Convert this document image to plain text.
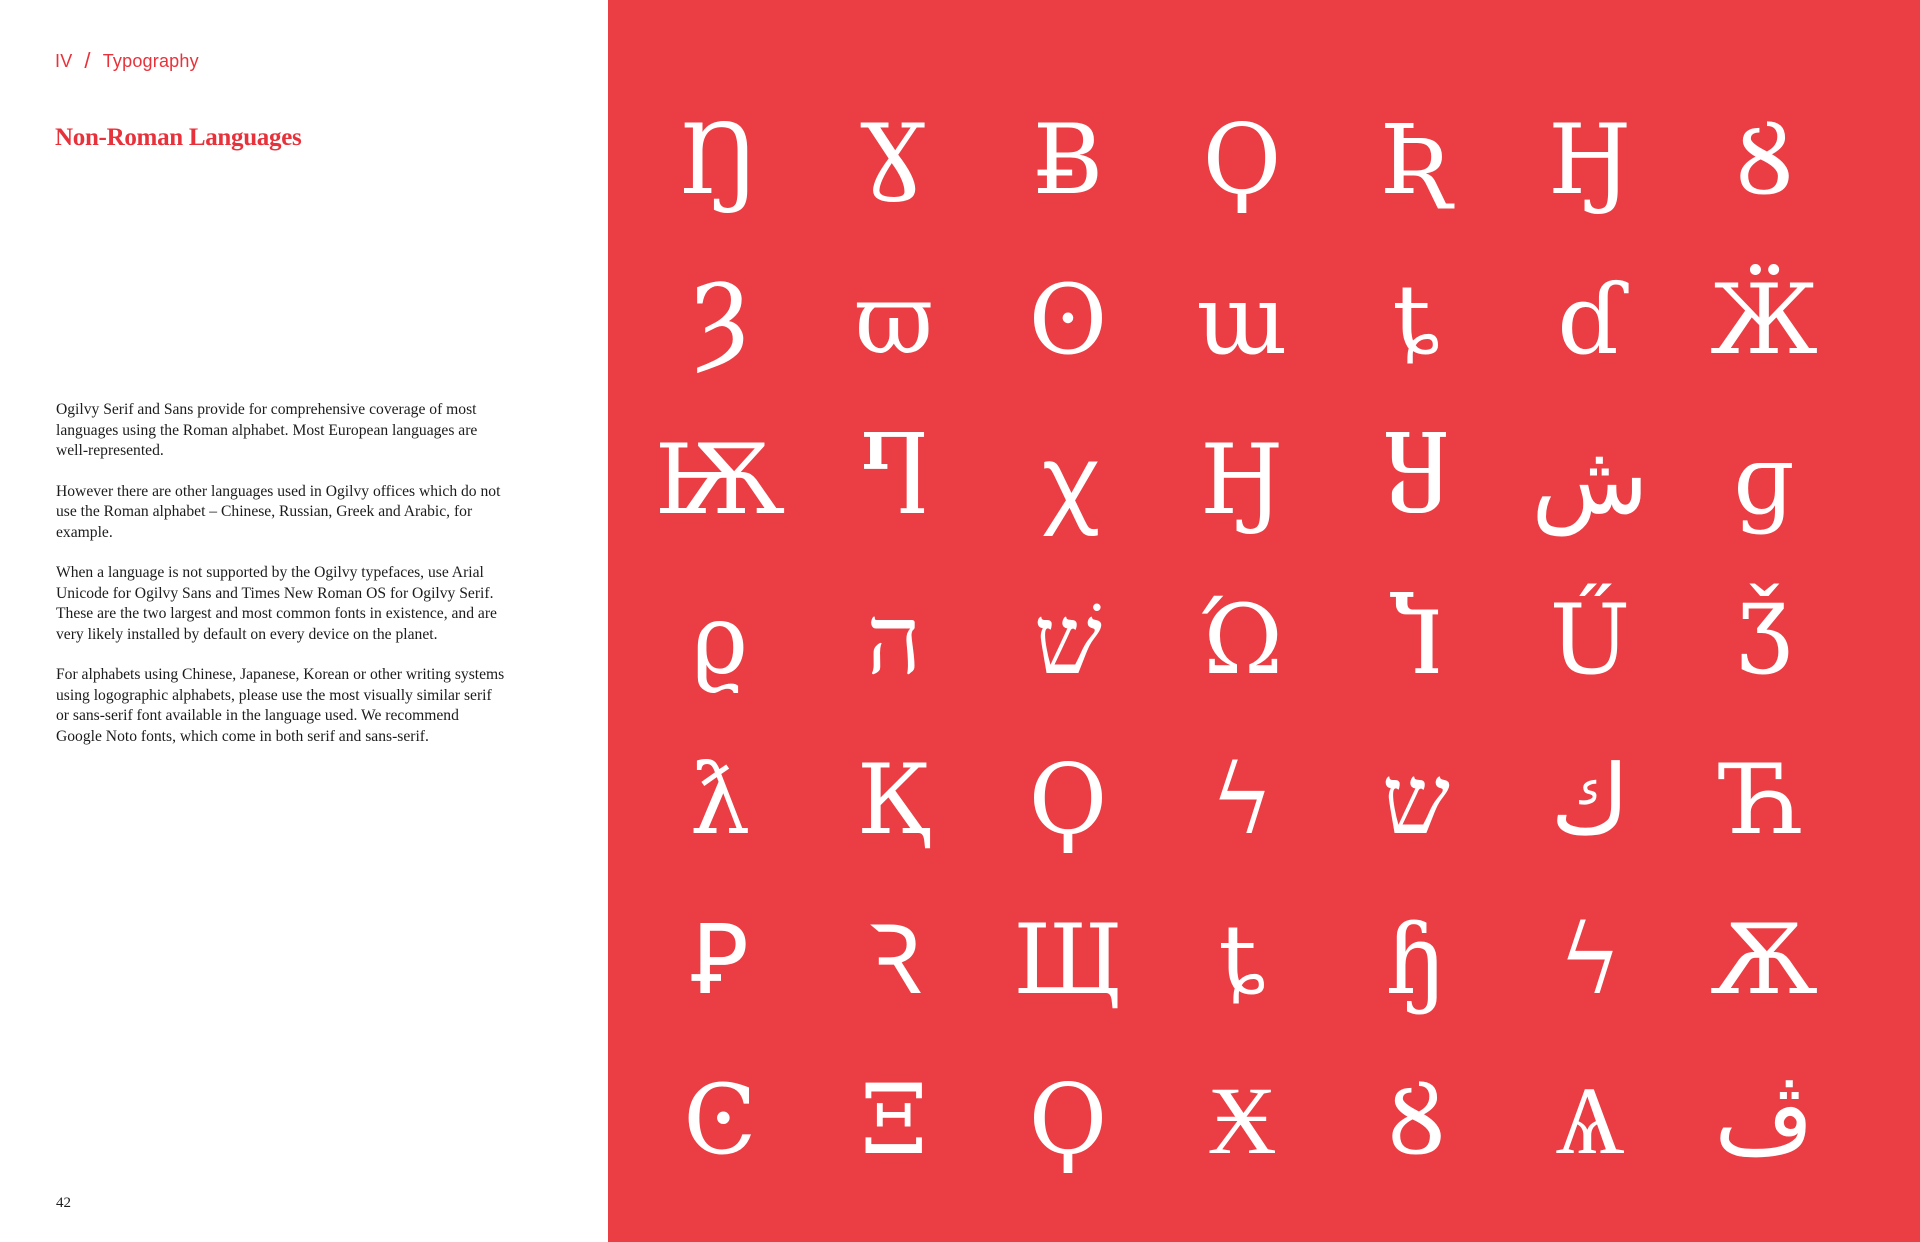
IV / Typography
Non-Roman Languages

Ogilvy Serif and Sans provide for comprehensive coverage of most languages using the Roman alphabet. Most European languages are well-represented.

However there are other languages used in Ogilvy offices which do not use the Roman alphabet – Chinese, Russian, Greek and Arabic, for example.

When a language is not supported by the Ogilvy typefaces, use Arial Unicode for Ogilvy Sans and Times New Roman OS for Ogilvy Serif. These are the two largest and most common fonts in existence, and are very likely installed by default on every device on the planet.

For alphabets using Chinese, Japanese, Korean or other writing systems using logographic alphabets, please use the most visually similar serif or sans-serif font available in the language used. We recommend Google Noto fonts, which come in both serif and sans-serif.

42
Ŋ Ɣ Ƀ Ϙ Ʀ Ӈ Ȣ
Ȝ ϖ ʘ ɯ	ȶ	ɗ Ӝ
Ѭ Ⴄ ꭓ Ӈ Ⴘ ش ɡ
ϱ ה שׁ Ώ Ⴈ Ű Ǯ
ƛ Қ Ϙ ϟ ש ك Ћ
Ꝑ Ꝛ Щ ȶ	ɧ ϟ Ѫ
Ͼ Ξ Ϙ Ӿ Ȣ Ѧ ڤ
